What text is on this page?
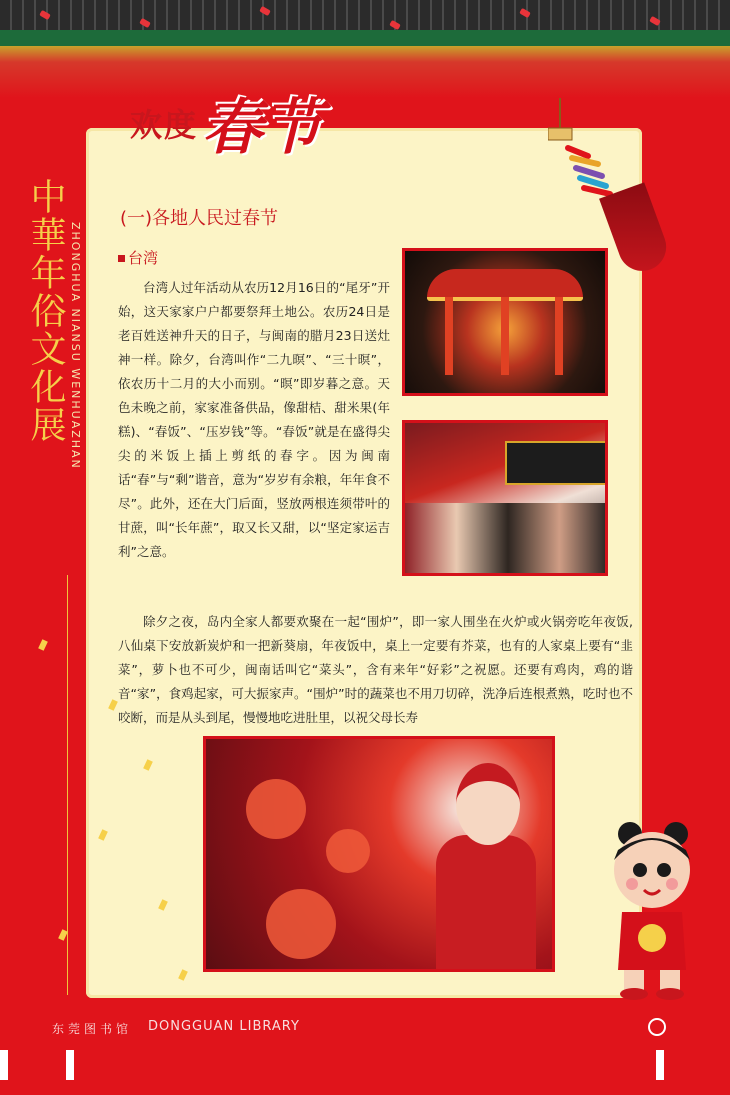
欢度 春节
中華年俗文化展 ZHONGHUA NIANSU WENHUAZHAN
(一)各地人民过春节
台湾

台湾人过年活动从农历12月16日的“尾牙”开始，这天家家户户都要祭拜土地公。农历24日是老百姓送神升天的日子，与闽南的腊月23日送灶神一样。除夕，台湾叫作“二九暝”、“三十暝”，依农历十二月的大小而别。“暝”即岁暮之意。天色未晚之前，家家准备供品，像甜桔、甜米果(年糕)、“春饭”、“压岁钱”等。“春饭”就是在盛得尖尖的米饭上插上剪纸的春字。因为闽南话“春”与“剩”谐音，意为“岁岁有余粮，年年食不尽”。此外，还在大门后面，竖放两根连须带叶的甘蔗，叫“长年蔗”，取又长又甜，以“坚定家运吉利”之意。

除夕之夜，岛内全家人都要欢聚在一起“围炉”，即一家人围坐在火炉或火锅旁吃年夜饭,八仙桌下安放新炭炉和一把新葵扇，年夜饭中，桌上一定要有芥菜，也有的人家桌上要有“韭菜”，萝卜也不可少，闽南话叫它“菜头”，含有来年“好彩”之祝愿。还要有鸡肉，鸡的谐音“家”，食鸡起家，可大振家声。“围炉”时的蔬菜也不用刀切碎，洗净后连根煮熟，吃时也不咬断，而是从头到尾，慢慢地吃进肚里，以祝父母长寿

东莞图书馆 DONGGUAN LIBRARY
